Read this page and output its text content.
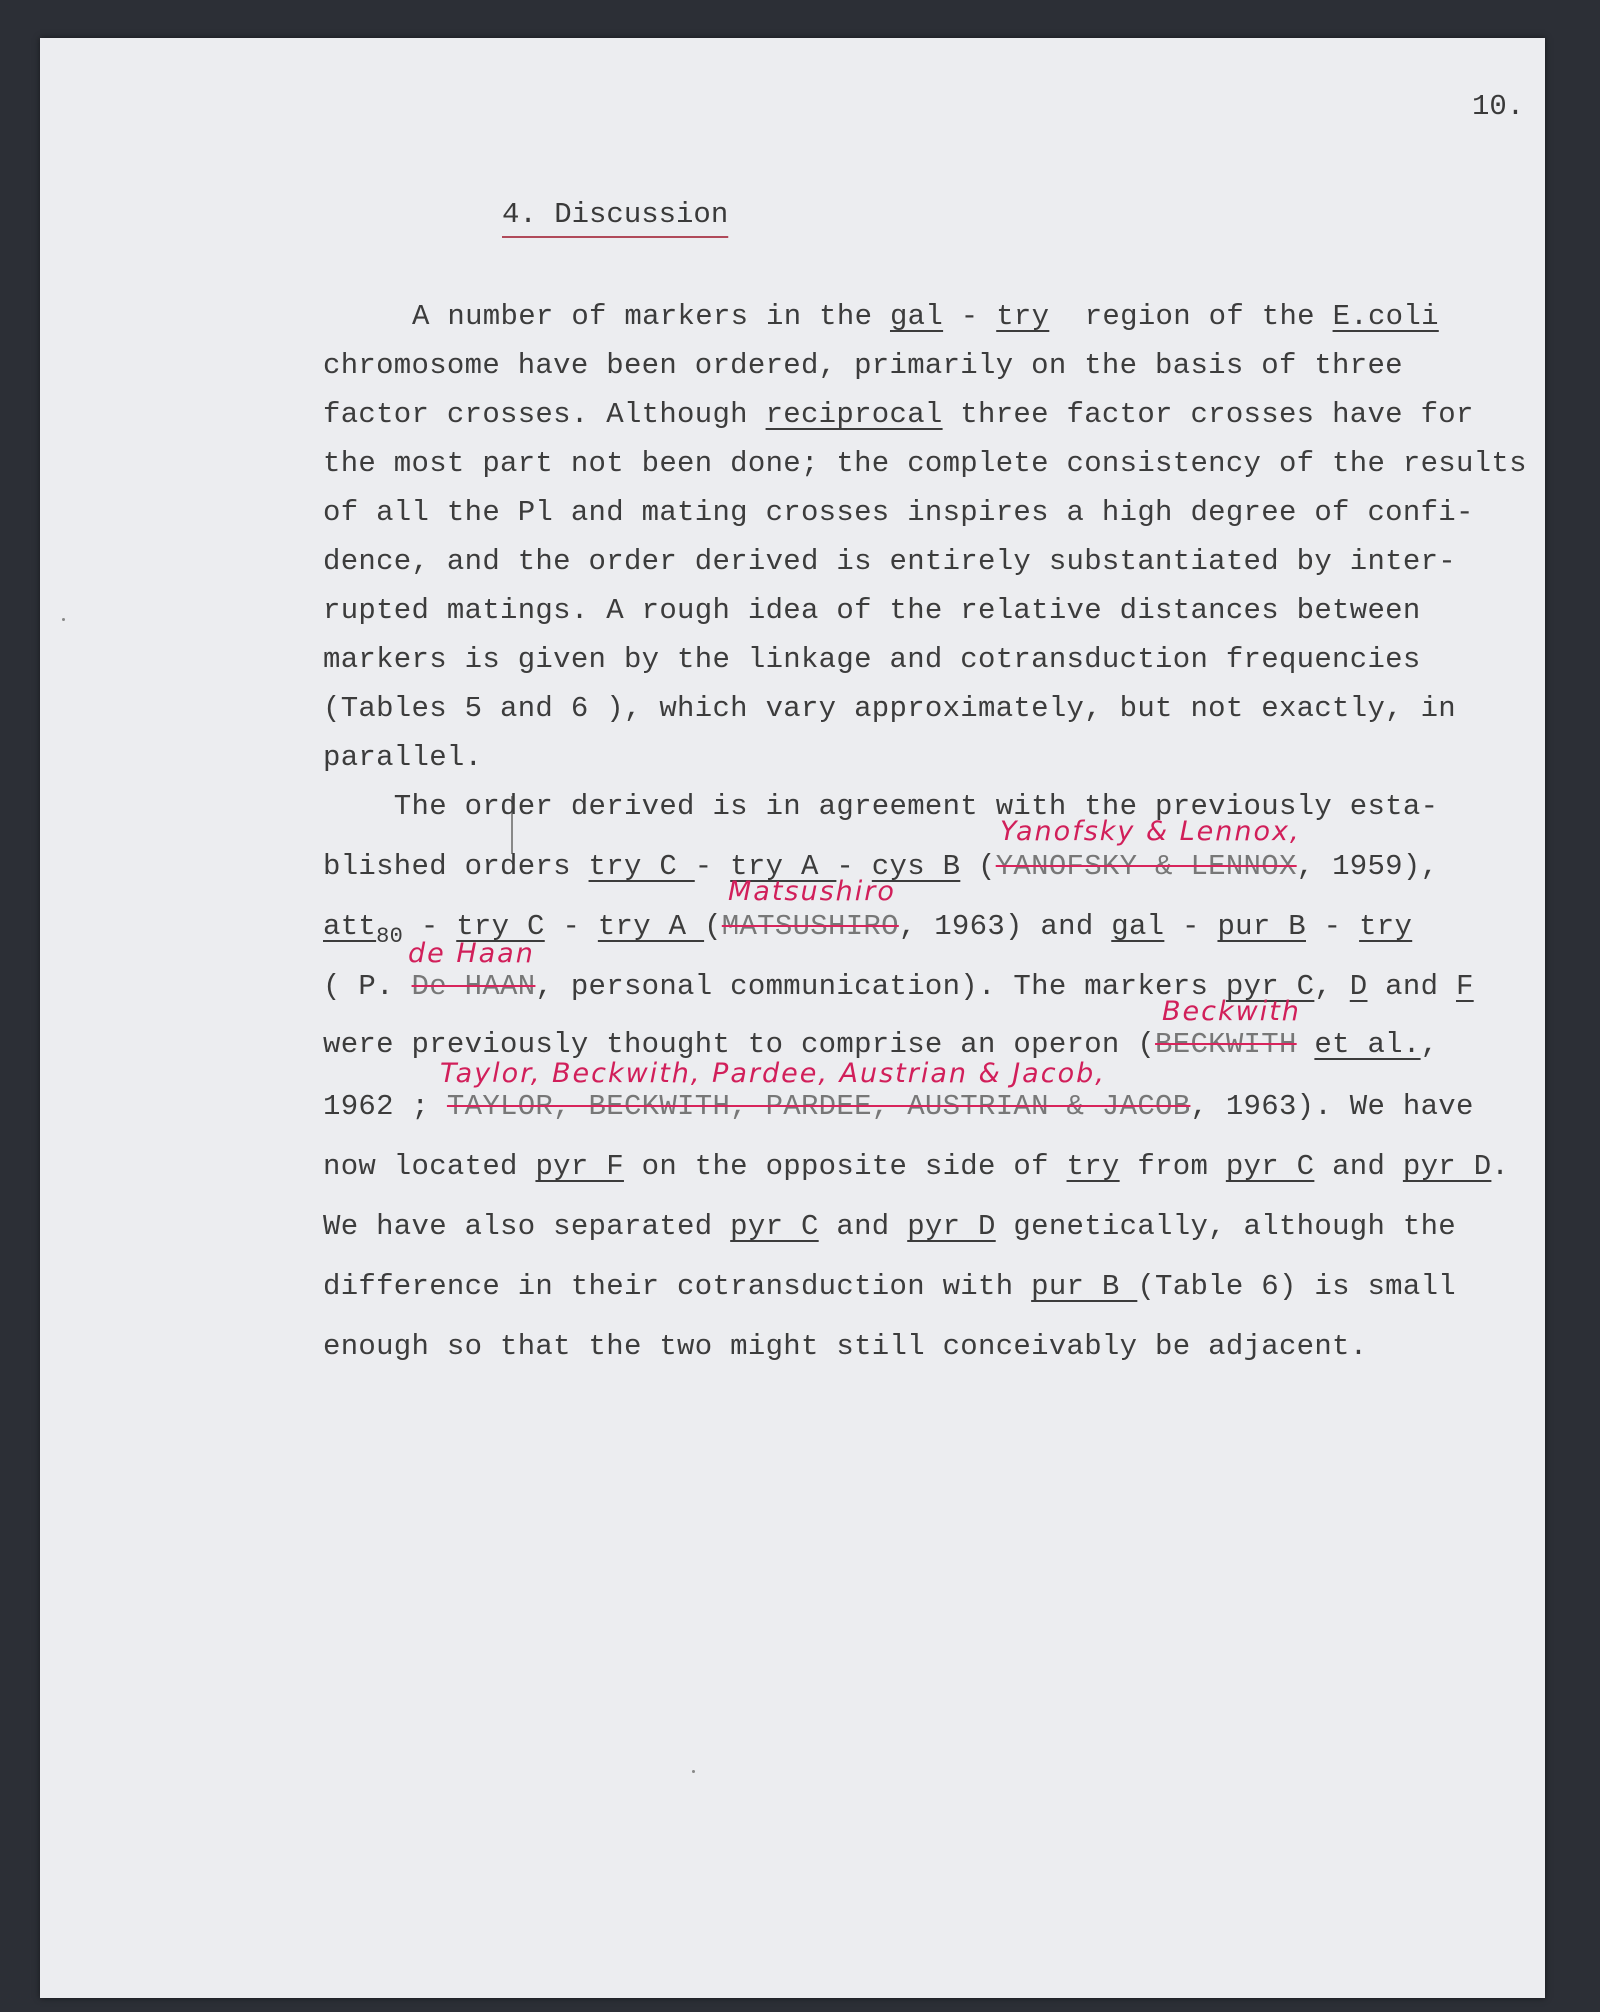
10.
4. Discussion
A number of markers in the gal - try  region of the E.coli
chromosome have been ordered, primarily on the basis of three
factor crosses. Although reciprocal three factor crosses have for
the most part not been done; the complete consistency of the results
of all the Pl and mating crosses inspires a high degree of confi-
dence, and the order derived is entirely substantiated by inter-
rupted matings. A rough idea of the relative distances between
markers is given by the linkage and cotransduction frequencies
(Tables 5 and 6 ), which vary approximately, but not exactly, in
parallel.
The order derived is in agreement with the previously esta-
Yanofsky & Lennox,
blished orders try C - try A - cys B (YANOFSKY & LENNOX, 1959),
Matsushiro
att$_{80}$ - try C - try A (MATSUSHIRO, 1963) and gal - pur B - try
de Haan
( P. De HAAN, personal communication). The markers pyr C, D and F
Beckwith
were previously thought to comprise an operon (BECKWITH et al.,
Taylor, Beckwith, Pardee, Austrian & Jacob,
1962 ; TAYLOR, BECKWITH, PARDEE, AUSTRIAN & JACOB, 1963). We have
now located pyr F on the opposite side of try from pyr C and pyr D.
We have also separated pyr C and pyr D genetically, although the
difference in their cotransduction with pur B (Table 6) is small
enough so that the two might still conceivably be adjacent.
